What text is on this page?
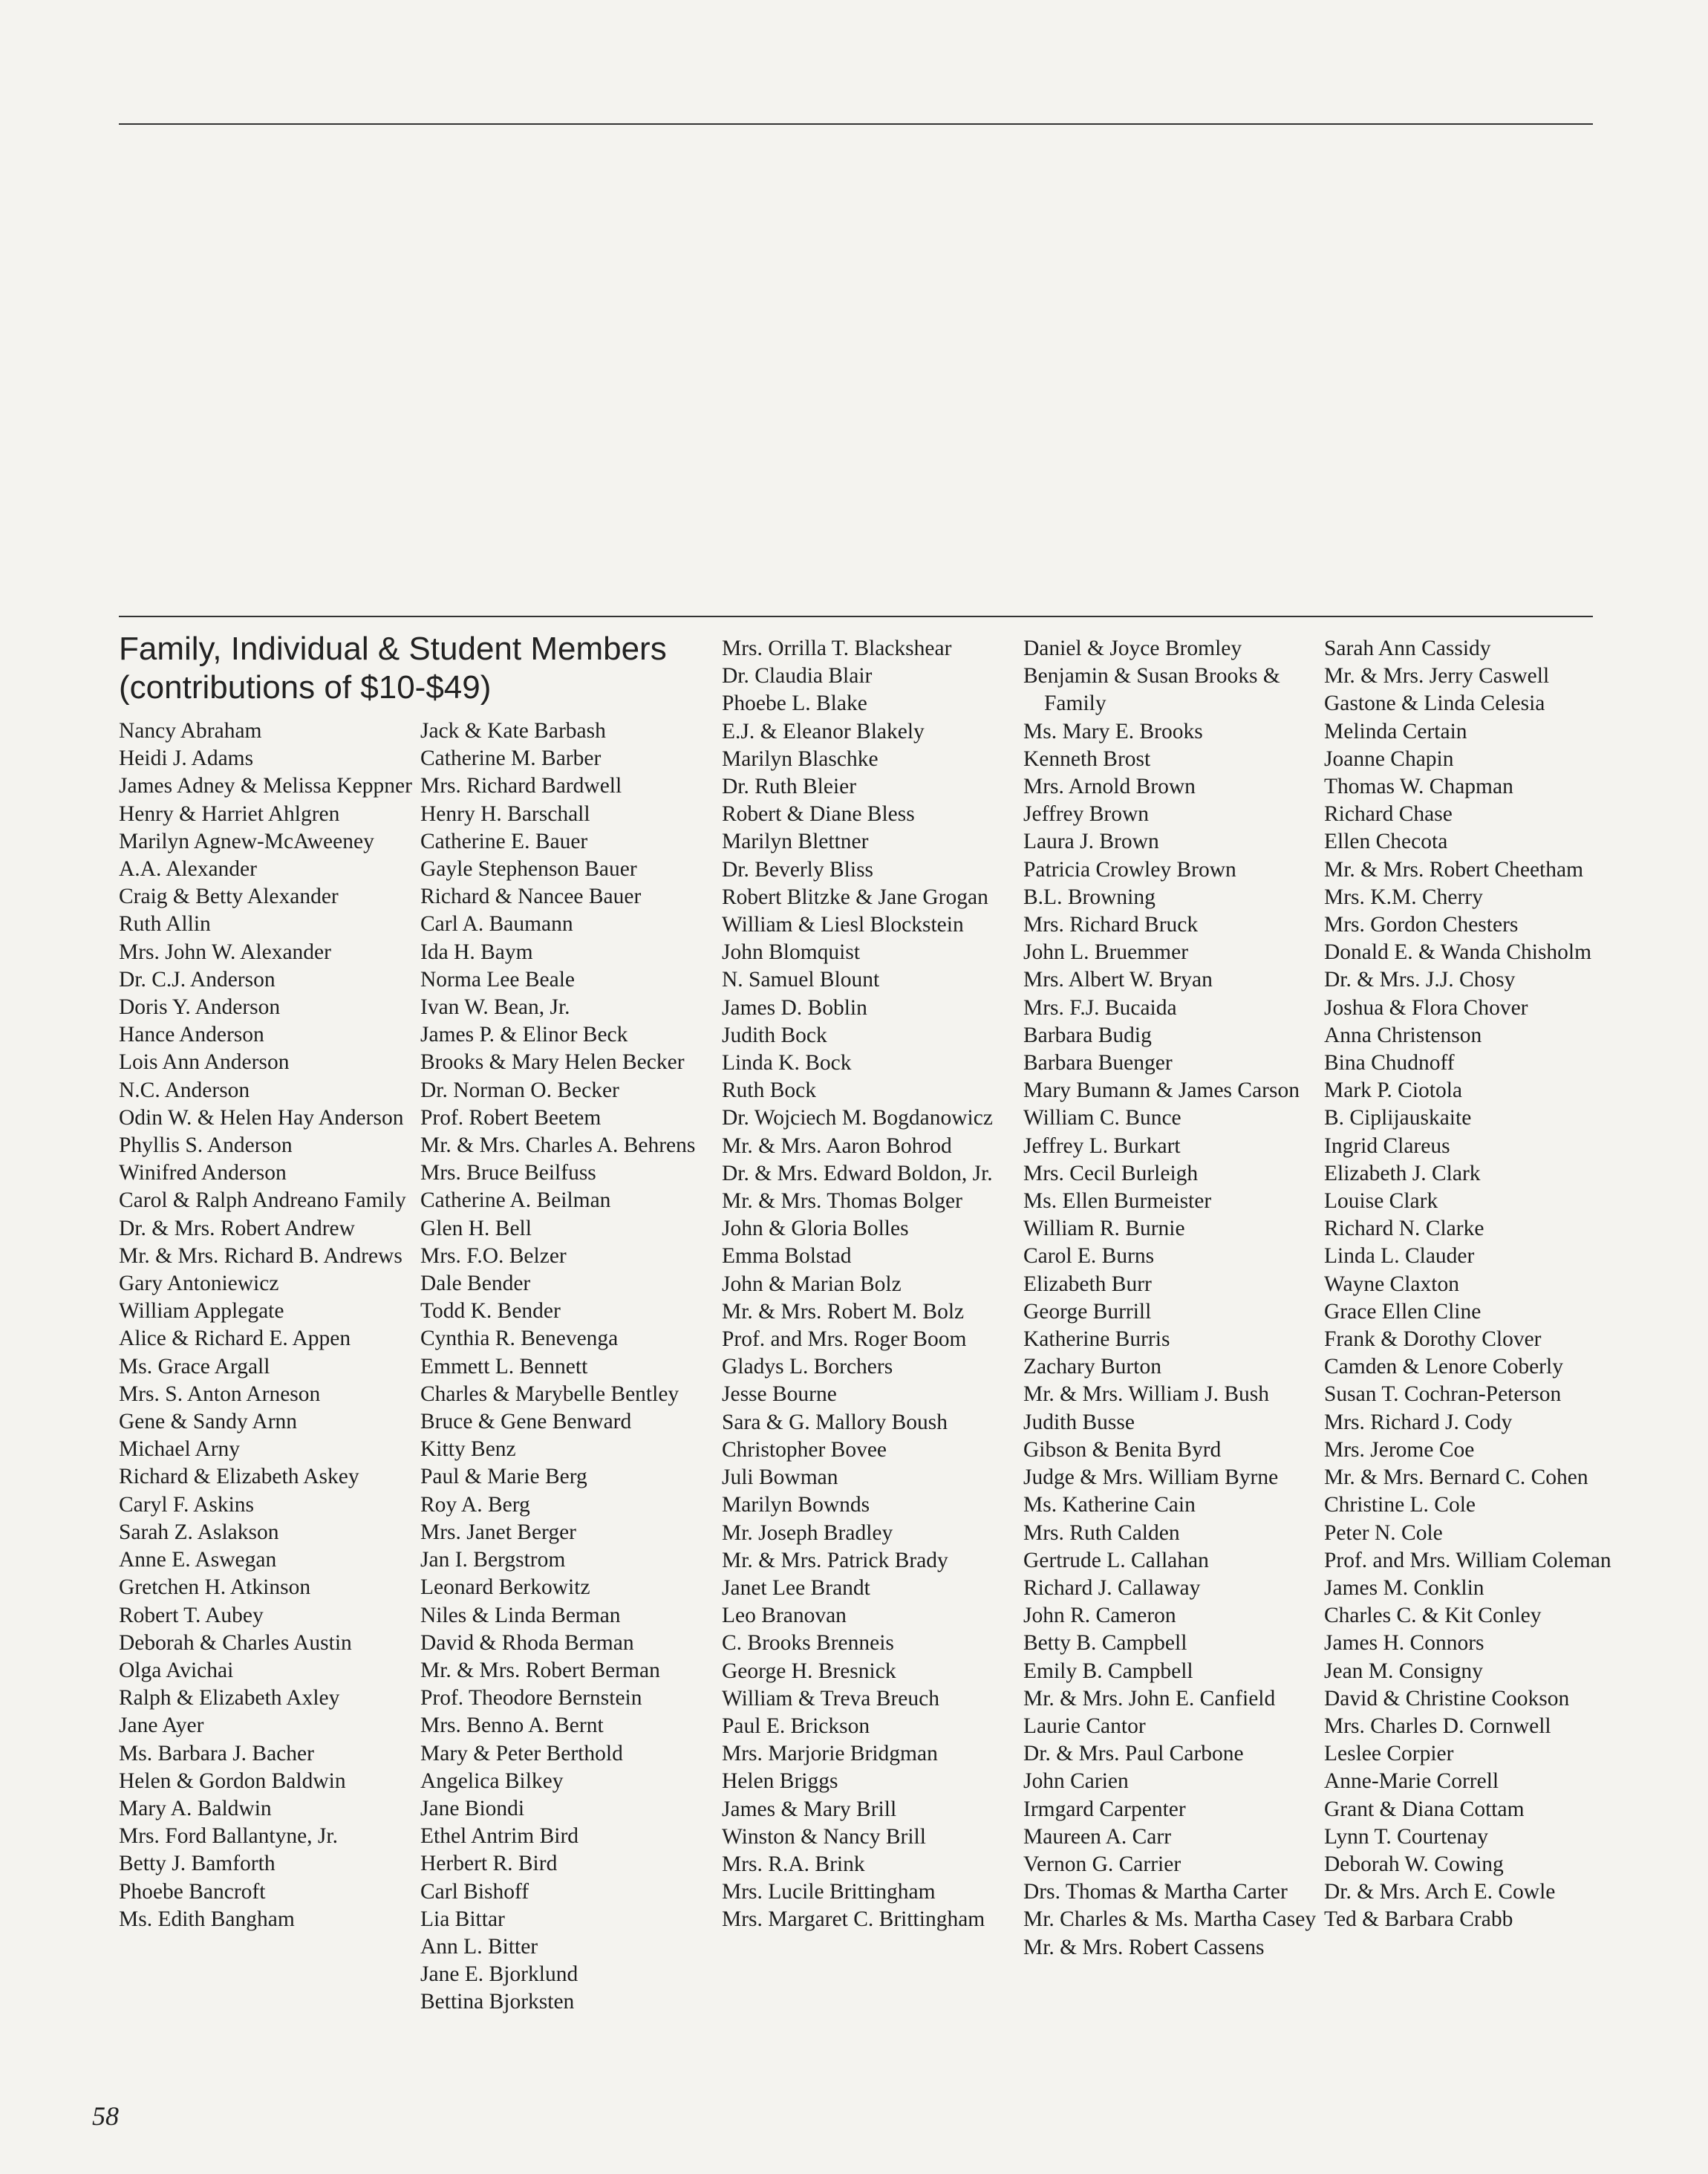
Family, Individual & Student Members
(contributions of $10-$49)
Nancy Abraham
Heidi J. Adams
James Adney & Melissa Keppner
Henry & Harriet Ahlgren
Marilyn Agnew-McAweeney
A.A. Alexander
Craig & Betty Alexander
Ruth Allin
Mrs. John W. Alexander
Dr. C.J. Anderson
Doris Y. Anderson
Hance Anderson
Lois Ann Anderson
N.C. Anderson
Odin W. & Helen Hay Anderson
Phyllis S. Anderson
Winifred Anderson
Carol & Ralph Andreano Family
Dr. & Mrs. Robert Andrew
Mr. & Mrs. Richard B. Andrews
Gary Antoniewicz
William Applegate
Alice & Richard E. Appen
Ms. Grace Argall
Mrs. S. Anton Arneson
Gene & Sandy Arnn
Michael Arny
Richard & Elizabeth Askey
Caryl F. Askins
Sarah Z. Aslakson
Anne E. Aswegan
Gretchen H. Atkinson
Robert T. Aubey
Deborah & Charles Austin
Olga Avichai
Ralph & Elizabeth Axley
Jane Ayer
Ms. Barbara J. Bacher
Helen & Gordon Baldwin
Mary A. Baldwin
Mrs. Ford Ballantyne, Jr.
Betty J. Bamforth
Phoebe Bancroft
Ms. Edith Bangham
Jack & Kate Barbash
Catherine M. Barber
Mrs. Richard Bardwell
Henry H. Barschall
Catherine E. Bauer
Gayle Stephenson Bauer
Richard & Nancee Bauer
Carl A. Baumann
Ida H. Baym
Norma Lee Beale
Ivan W. Bean, Jr.
James P. & Elinor Beck
Brooks & Mary Helen Becker
Dr. Norman O. Becker
Prof. Robert Beetem
Mr. & Mrs. Charles A. Behrens
Mrs. Bruce Beilfuss
Catherine A. Beilman
Glen H. Bell
Mrs. F.O. Belzer
Dale Bender
Todd K. Bender
Cynthia R. Benevenga
Emmett L. Bennett
Charles & Marybelle Bentley
Bruce & Gene Benward
Kitty Benz
Paul & Marie Berg
Roy A. Berg
Mrs. Janet Berger
Jan I. Bergstrom
Leonard Berkowitz
Niles & Linda Berman
David & Rhoda Berman
Mr. & Mrs. Robert Berman
Prof. Theodore Bernstein
Mrs. Benno A. Bernt
Mary & Peter Berthold
Angelica Bilkey
Jane Biondi
Ethel Antrim Bird
Herbert R. Bird
Carl Bishoff
Lia Bittar
Ann L. Bitter
Jane E. Bjorklund
Bettina Bjorksten
Mrs. Orrilla T. Blackshear
Dr. Claudia Blair
Phoebe L. Blake
E.J. & Eleanor Blakely
Marilyn Blaschke
Dr. Ruth Bleier
Robert & Diane Bless
Marilyn Blettner
Dr. Beverly Bliss
Robert Blitzke & Jane Grogan
William & Liesl Blockstein
John Blomquist
N. Samuel Blount
James D. Boblin
Judith Bock
Linda K. Bock
Ruth Bock
Dr. Wojciech M. Bogdanowicz
Mr. & Mrs. Aaron Bohrod
Dr. & Mrs. Edward Boldon, Jr.
Mr. & Mrs. Thomas Bolger
John & Gloria Bolles
Emma Bolstad
John & Marian Bolz
Mr. & Mrs. Robert M. Bolz
Prof. and Mrs. Roger Boom
Gladys L. Borchers
Jesse Bourne
Sara & G. Mallory Boush
Christopher Bovee
Juli Bowman
Marilyn Bownds
Mr. Joseph Bradley
Mr. & Mrs. Patrick Brady
Janet Lee Brandt
Leo Branovan
C. Brooks Brenneis
George H. Bresnick
William & Treva Breuch
Paul E. Brickson
Mrs. Marjorie Bridgman
Helen Briggs
James & Mary Brill
Winston & Nancy Brill
Mrs. R.A. Brink
Mrs. Lucile Brittingham
Mrs. Margaret C. Brittingham
Daniel & Joyce Bromley
Benjamin & Susan Brooks & Family
Ms. Mary E. Brooks
Kenneth Brost
Mrs. Arnold Brown
Jeffrey Brown
Laura J. Brown
Patricia Crowley Brown
B.L. Browning
Mrs. Richard Bruck
John L. Bruemmer
Mrs. Albert W. Bryan
Mrs. F.J. Bucaida
Barbara Budig
Barbara Buenger
Mary Bumann & James Carson
William C. Bunce
Jeffrey L. Burkart
Mrs. Cecil Burleigh
Ms. Ellen Burmeister
William R. Burnie
Carol E. Burns
Elizabeth Burr
George Burrill
Katherine Burris
Zachary Burton
Mr. & Mrs. William J. Bush
Judith Busse
Gibson & Benita Byrd
Judge & Mrs. William Byrne
Ms. Katherine Cain
Mrs. Ruth Calden
Gertrude L. Callahan
Richard J. Callaway
John R. Cameron
Betty B. Campbell
Emily B. Campbell
Mr. & Mrs. John E. Canfield
Laurie Cantor
Dr. & Mrs. Paul Carbone
John Carien
Irmgard Carpenter
Maureen A. Carr
Vernon G. Carrier
Drs. Thomas & Martha Carter
Mr. Charles & Ms. Martha Casey
Mr. & Mrs. Robert Cassens
Sarah Ann Cassidy
Mr. & Mrs. Jerry Caswell
Gastone & Linda Celesia
Melinda Certain
Joanne Chapin
Thomas W. Chapman
Richard Chase
Ellen Checota
Mr. & Mrs. Robert Cheetham
Mrs. K.M. Cherry
Mrs. Gordon Chesters
Donald E. & Wanda Chisholm
Dr. & Mrs. J.J. Chosy
Joshua & Flora Chover
Anna Christenson
Bina Chudnoff
Mark P. Ciotola
B. Ciplijauskaite
Ingrid Clareus
Elizabeth J. Clark
Louise Clark
Richard N. Clarke
Linda L. Clauder
Wayne Claxton
Grace Ellen Cline
Frank & Dorothy Clover
Camden & Lenore Coberly
Susan T. Cochran-Peterson
Mrs. Richard J. Cody
Mrs. Jerome Coe
Mr. & Mrs. Bernard C. Cohen
Christine L. Cole
Peter N. Cole
Prof. and Mrs. William Coleman
James M. Conklin
Charles C. & Kit Conley
James H. Connors
Jean M. Consigny
David & Christine Cookson
Mrs. Charles D. Cornwell
Leslee Corpier
Anne-Marie Correll
Grant & Diana Cottam
Lynn T. Courtenay
Deborah W. Cowing
Dr. & Mrs. Arch E. Cowle
Ted & Barbara Crabb
58
